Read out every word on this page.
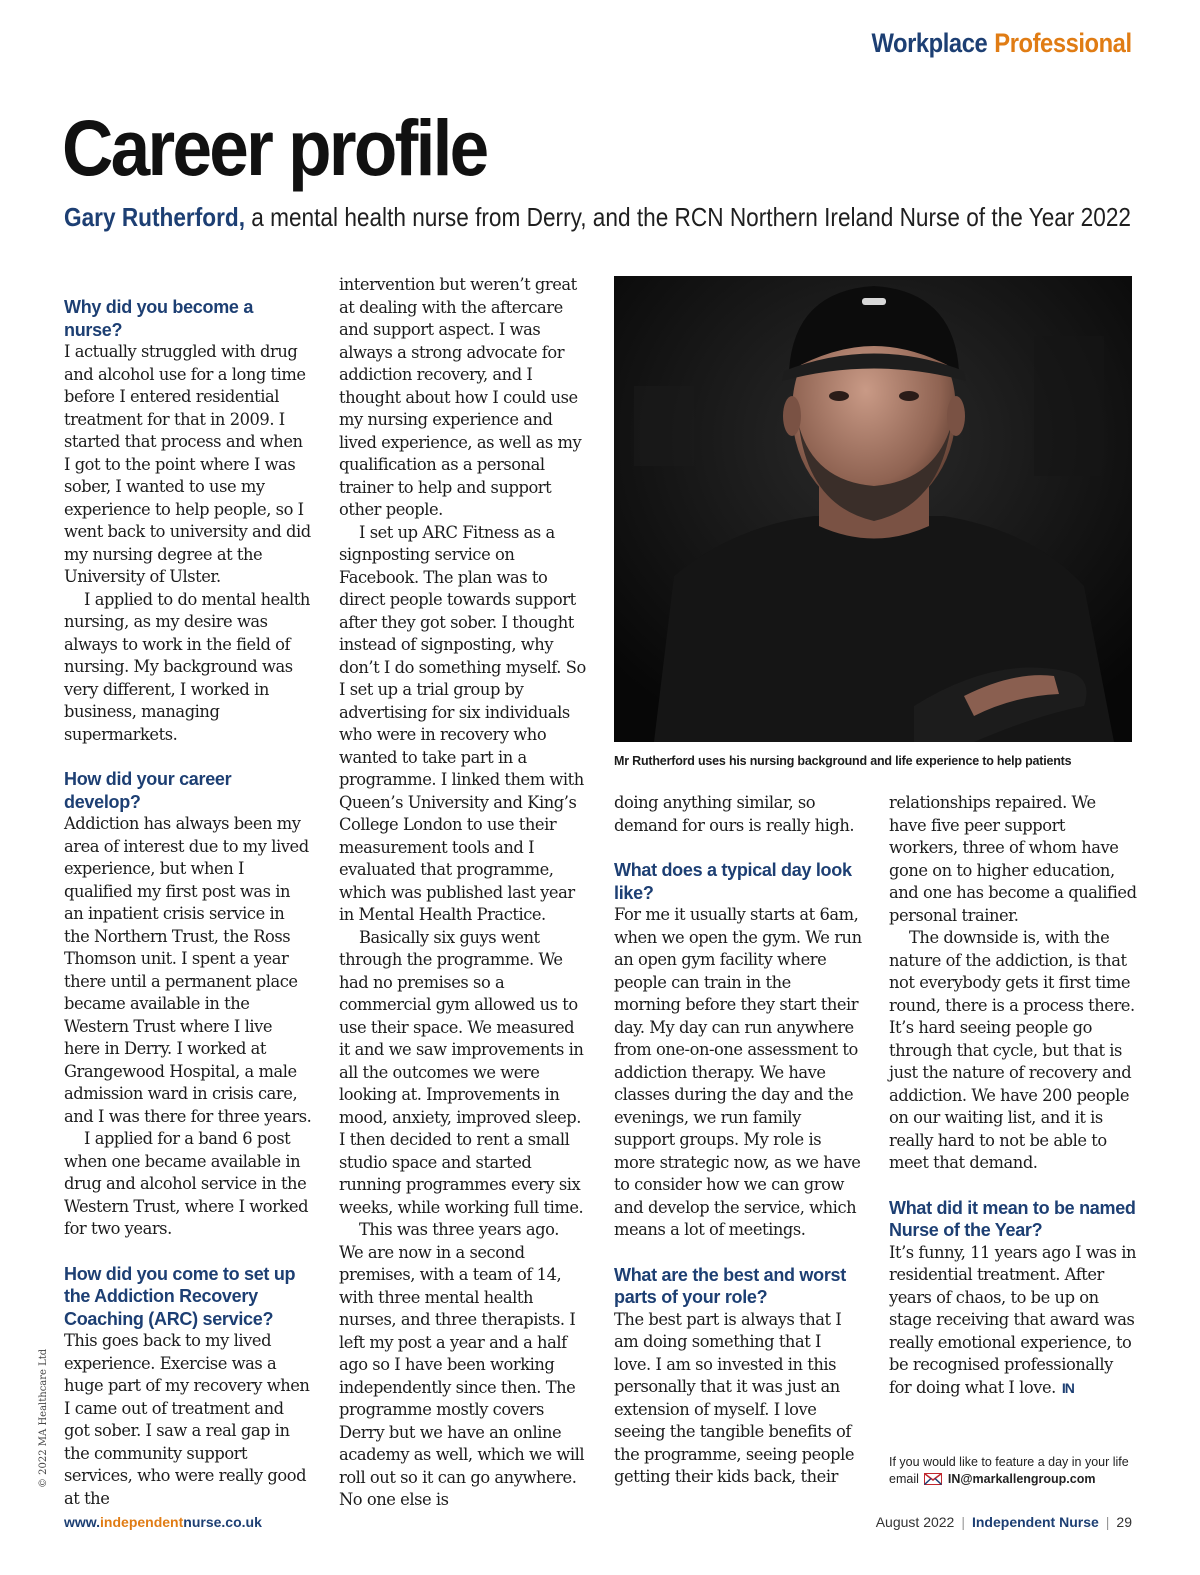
Workplace Professional
Career profile

Gary Rutherford, a mental health nurse from Derry, and the RCN Northern Ireland Nurse of the Year 2022

Why did you become a nurse?

I actually struggled with drug and alcohol use for a long time before I entered residential treatment for that in 2009. I started that process and when I got to the point where I was sober, I wanted to use my experience to help people, so I went back to university and did my nursing degree at the University of Ulster.

I applied to do mental health nursing, as my desire was always to work in the field of nursing. My background was very different, I worked in business, managing supermarkets.

How did your career develop?

Addiction has always been my area of interest due to my lived experience, but when I qualified my first post was in an inpatient crisis service in the Northern Trust, the Ross Thomson unit. I spent a year there until a permanent place became available in the Western Trust where I live here in Derry. I worked at Grangewood Hospital, a male admission ward in crisis care, and I was there for three years.

I applied for a band 6 post when one became available in drug and alcohol service in the Western Trust, where I worked for two years.

How did you come to set up the Addiction Recovery Coaching (ARC) service?

This goes back to my lived experience. Exercise was a huge part of my recovery when I came out of treatment and got sober. I saw a real gap in the community support services, who were really good at the

intervention but weren’t great at dealing with the aftercare and support aspect. I was always a strong advocate for addiction recovery, and I thought about how I could use my nursing experience and lived experience, as well as my qualification as a personal trainer to help and support other people.

I set up ARC Fitness as a signposting service on Facebook. The plan was to direct people towards support after they got sober. I thought instead of signposting, why don’t I do something myself. So I set up a trial group by advertising for six individuals who were in recovery who wanted to take part in a programme. I linked them with Queen’s University and King’s College London to use their measurement tools and I evaluated that programme, which was published last year in Mental Health Practice.

Basically six guys went through the programme. We had no premises so a commercial gym allowed us to use their space. We measured it and we saw improvements in all the outcomes we were looking at. Improvements in mood, anxiety, improved sleep. I then decided to rent a small studio space and started running programmes every six weeks, while working full time.

This was three years ago. We are now in a second premises, with a team of 14, with three mental health nurses, and three therapists. I left my post a year and a half ago so I have been working independently since then. The programme mostly covers Derry but we have an online academy as well, which we will roll out so it can go anywhere. No one else is

Mr Rutherford uses his nursing background and life experience to help patients

doing anything similar, so demand for ours is really high.

What does a typical day look like?

For me it usually starts at 6am, when we open the gym. We run an open gym facility where people can train in the morning before they start their day. My day can run anywhere from one-on-one assessment to addiction therapy. We have classes during the day and the evenings, we run family support groups. My role is more strategic now, as we have to consider how we can grow and develop the service, which means a lot of meetings.

What are the best and worst parts of your role?

The best part is always that I am doing something that I love. I am so invested in this personally that it was just an extension of myself. I love seeing the tangible benefits of the programme, seeing people getting their kids back, their

relationships repaired. We have five peer support workers, three of whom have gone on to higher education, and one has become a qualified personal trainer.

The downside is, with the nature of the addiction, is that not everybody gets it first time round, there is a process there. It’s hard seeing people go through that cycle, but that is just the nature of recovery and addiction. We have 200 people on our waiting list, and it is really hard to not be able to meet that demand.

What did it mean to be named Nurse of the Year?

It’s funny, 11 years ago I was in residential treatment. After years of chaos, to be up on stage receiving that award was really emotional experience, to be recognised professionally for doing what I love. IN

If you would like to feature a day in your life
email IN@markallengroup.com
© 2022 MA Healthcare Ltd
www.independentnurse.co.uk	August 2022 | Independent Nurse | 29
